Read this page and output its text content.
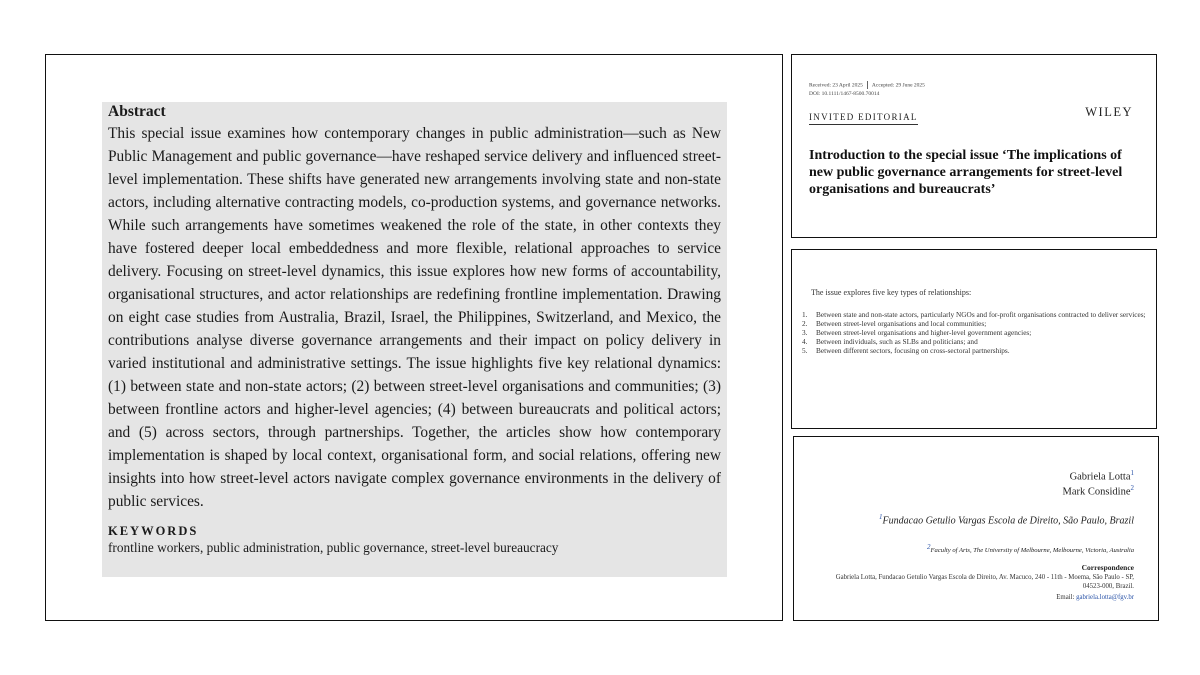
Abstract

This special issue examines how contemporary changes in public administration—such as New Public Management and public governance—have reshaped service delivery and influenced street-level implementation. These shifts have generated new arrangements involving state and non-state actors, including alternative contracting models, co-production systems, and governance networks. While such arrangements have sometimes weakened the role of the state, in other contexts they have fostered deeper local embeddedness and more flexible, relational approaches to service delivery. Focusing on street-level dynamics, this issue explores how new forms of accountability, organisational structures, and actor relationships are redefining frontline implementation. Drawing on eight case studies from Australia, Brazil, Israel, the Philippines, Switzerland, and Mexico, the contributions analyse diverse governance arrangements and their impact on policy delivery in varied institutional and administrative settings. The issue highlights five key relational dynamics: (1) between state and non-state actors; (2) between street-level organisations and communities; (3) between frontline actors and higher-level agencies; (4) between bureaucrats and political actors; and (5) across sectors, through partnerships. Together, the articles show how contemporary implementation is shaped by local context, organisational form, and social relations, offering new insights into how street-level actors navigate complex governance environments in the delivery of public services.

KEYWORDS
frontline workers, public administration, public governance, street-level bureaucracy
Received: 23 April 2025 Accepted: 29 June 2025
DOI: 10.1111/1467-8500.70014
INVITED EDITORIAL	WILEY
Introduction to the special issue ‘The implications of new public governance arrangements for street-level organisations and bureaucrats’

The issue explores five key types of relationships:

1.	Between state and non-state actors, particularly NGOs and for-profit organisations contracted to deliver services;
2.	Between street-level organisations and local communities;
3.	Between street-level organisations and higher-level government agencies;
4.	Between individuals, such as SLBs and politicians; and
5.	Between different sectors, focusing on cross-sectoral partnerships.
Gabriela Lotta$^1$
Mark Considine$^2$
$^1$Fundacao Getulio Vargas Escola de Direito, São Paulo, Brazil
$^2$Faculty of Arts, The University of Melbourne, Melbourne, Victoria, Australia
Correspondence
Gabriela Lotta, Fundacao Getulio Vargas Escola de Direito, Av. Macuco, 240 - 11th - Moema, São Paulo - SP, 04523-000, Brazil.
Email: gabriela.lotta@fgv.br
